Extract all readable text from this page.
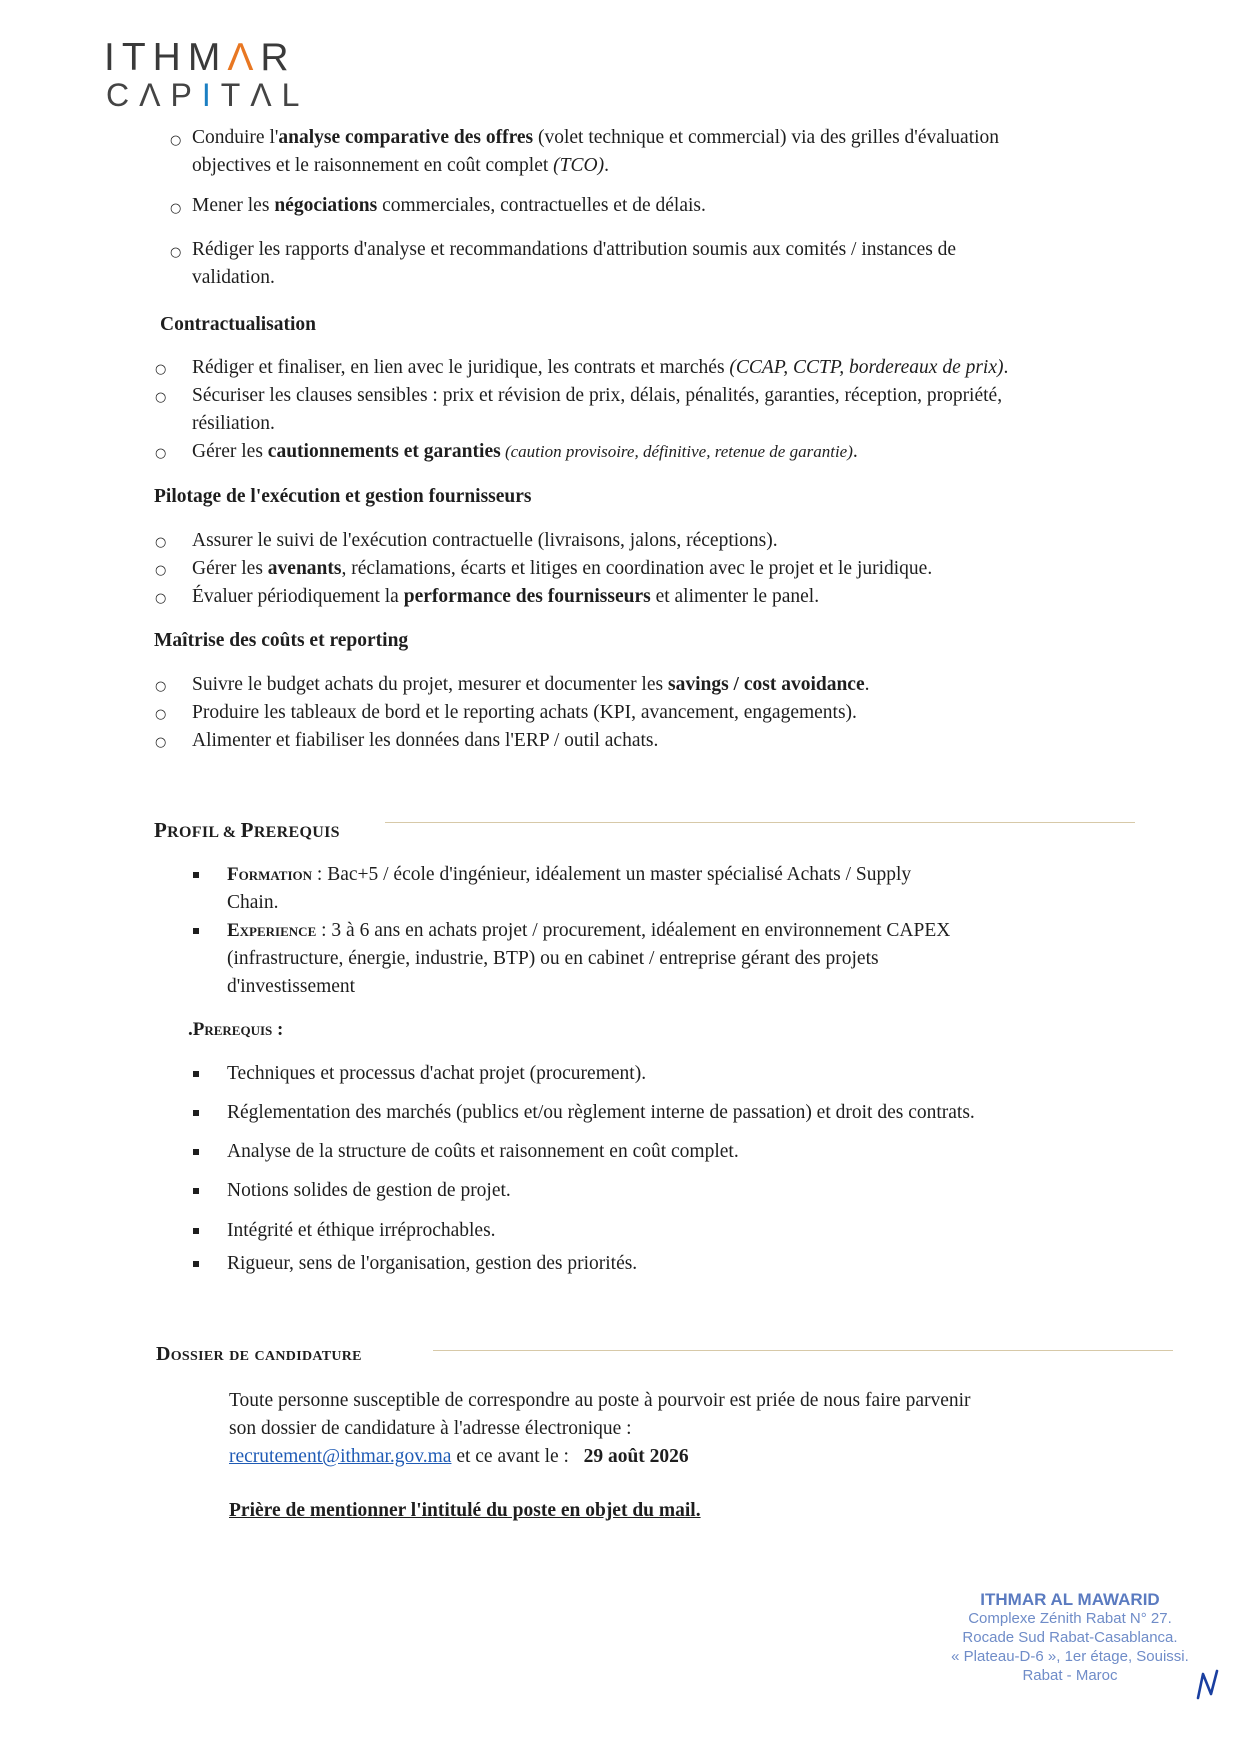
ITHMΛR
CΛPITΛL
○ Conduire l'analyse comparative des offres (volet technique et commercial) via des grilles d'évaluation
objectives et le raisonnement en coût complet (TCO).
○ Mener les négociations commerciales, contractuelles et de délais.
○ Rédiger les rapports d'analyse et recommandations d'attribution soumis aux comités / instances de
validation.
Contractualisation
○ Rédiger et finaliser, en lien avec le juridique, les contrats et marchés (CCAP, CCTP, bordereaux de prix).
○ Sécuriser les clauses sensibles : prix et révision de prix, délais, pénalités, garanties, réception, propriété,
résiliation.
○ Gérer les cautionnements et garanties (caution provisoire, définitive, retenue de garantie).
Pilotage de l'exécution et gestion fournisseurs
○ Assurer le suivi de l'exécution contractuelle (livraisons, jalons, réceptions).
○ Gérer les avenants, réclamations, écarts et litiges en coordination avec le projet et le juridique.
○ Évaluer périodiquement la performance des fournisseurs et alimenter le panel.
Maîtrise des coûts et reporting
○ Suivre le budget achats du projet, mesurer et documenter les savings / cost avoidance.
○ Produire les tableaux de bord et le reporting achats (KPI, avancement, engagements).
○ Alimenter et fiabiliser les données dans l'ERP / outil achats.
PROFIL & PREREQUIS
Formation : Bac+5 / école d'ingénieur, idéalement un master spécialisé Achats / Supply
Chain.
Experience : 3 à 6 ans en achats projet / procurement, idéalement en environnement CAPEX
(infrastructure, énergie, industrie, BTP) ou en cabinet / entreprise gérant des projets
d'investissement
.Prerequis :
Techniques et processus d'achat projet (procurement).
Réglementation des marchés (publics et/ou règlement interne de passation) et droit des contrats.
Analyse de la structure de coûts et raisonnement en coût complet.
Notions solides de gestion de projet.
Intégrité et éthique irréprochables.
Rigueur, sens de l'organisation, gestion des priorités.
Dossier de candidature
Toute personne susceptible de correspondre au poste à pourvoir est priée de nous faire parvenir
son dossier de candidature à l'adresse électronique :
recrutement@ithmar.gov.ma et ce avant le : 29 août 2026
Prière de mentionner l'intitulé du poste en objet du mail.
ITHMAR AL MAWARID
Complexe Zénith Rabat N° 27.
Rocade Sud Rabat-Casablanca.
« Plateau-D-6 », 1er étage, Souissi.
Rabat - Maroc
